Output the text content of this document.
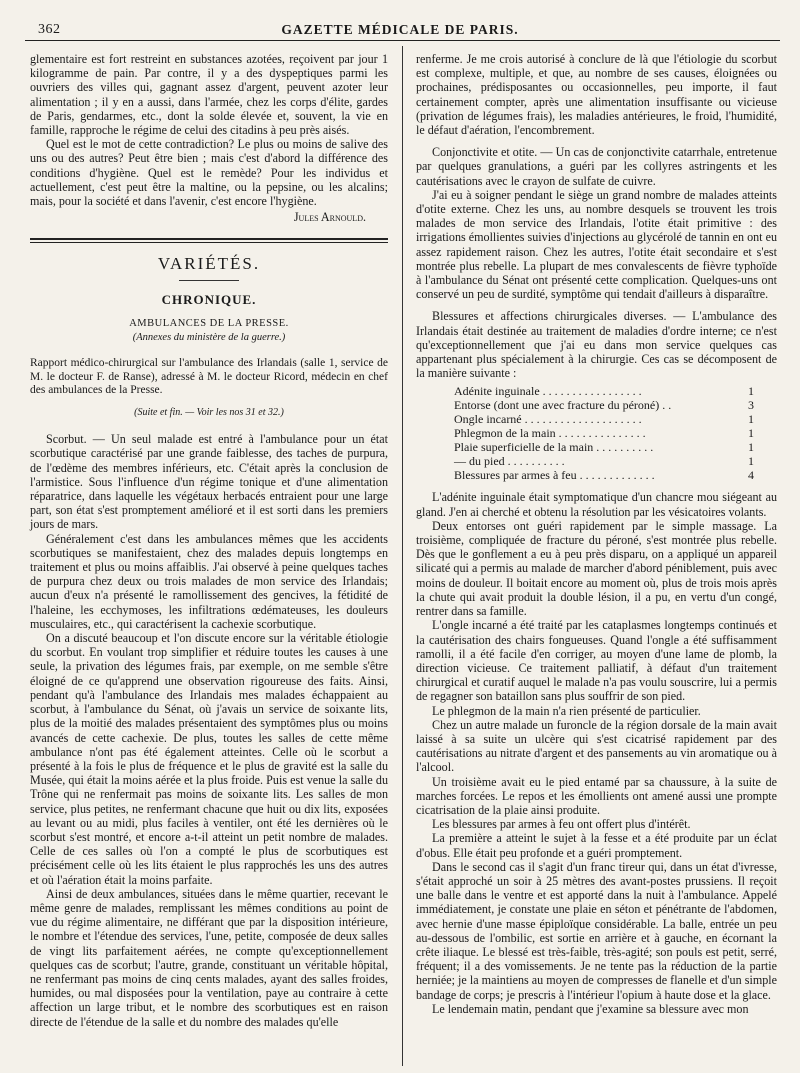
362	GAZETTE MÉDICALE DE PARIS.

glementaire est fort restreint en substances azotées, reçoivent par jour 1 kilogramme de pain. Par contre, il y a des dyspeptiques parmi les ouvriers des villes qui, gagnant assez d'argent, peuvent azoter leur alimentation ; il y en a aussi, dans l'armée, chez les corps d'élite, gardes de Paris, gendarmes, etc., dont la solde élevée et, souvent, la vie en famille, rapproche le régime de celui des citadins à peu près aisés.

Quel est le mot de cette contradiction? Le plus ou moins de salive des uns ou des autres? Peut être bien ; mais c'est d'abord la différence des conditions d'hygiène. Quel est le remède? Pour les individus et actuellement, c'est peut être la maltine, ou la pepsine, ou les alcalins; mais, pour la société et dans l'avenir, c'est encore l'hygiène.

Jules Arnould.
VARIÉTÉS.
CHRONIQUE.
AMBULANCES DE LA PRESSE.
(Annexes du ministère de la guerre.)

Rapport médico-chirurgical sur l'ambulance des Irlandais (salle 1, service de M. le docteur F. de Ranse), adressé à M. le docteur Ricord, médecin en chef des ambulances de la Presse.

(Suite et fin. — Voir les nos 31 et 32.)

Scorbut. — Un seul malade est entré à l'ambulance pour un état scorbutique caractérisé par une grande faiblesse, des taches de purpura, de l'œdème des membres inférieurs, etc. C'était après la conclusion de l'armistice. Sous l'influence d'un régime tonique et d'une alimentation réparatrice, dans laquelle les végétaux herbacés entraient pour une large part, son état s'est promptement amélioré et il est sorti dans les premiers jours de mars.

Généralement c'est dans les ambulances mêmes que les accidents scorbutiques se manifestaient, chez des malades depuis longtemps en traitement et plus ou moins affaiblis. J'ai observé à peine quelques taches de purpura chez deux ou trois malades de mon service des Irlandais; aucun d'eux n'a présenté le ramollissement des gencives, la fétidité de l'haleine, les ecchymoses, les infiltrations œdémateuses, les douleurs musculaires, etc., qui caractérisent la cachexie scorbutique.

On a discuté beaucoup et l'on discute encore sur la véritable étiologie du scorbut. En voulant trop simplifier et réduire toutes les causes à une seule, la privation des légumes frais, par exemple, on me semble s'être éloigné de ce qu'apprend une observation rigoureuse des faits. Ainsi, pendant qu'à l'ambulance des Irlandais mes malades échappaient au scorbut, à l'ambulance du Sénat, où j'avais un service de soixante lits, plus de la moitié des malades présentaient des symptômes plus ou moins avancés de cette cachexie. De plus, toutes les salles de cette même ambulance n'ont pas été également atteintes. Celle où le scorbut a présenté à la fois le plus de fréquence et le plus de gravité est la salle du Musée, qui était la moins aérée et la plus froide. Puis est venue la salle du Trône qui ne renfermait pas moins de soixante lits. Les salles de mon service, plus petites, ne renfermant chacune que huit ou dix lits, exposées au levant ou au midi, plus faciles à ventiler, ont été les dernières où le scorbut s'est montré, et encore a-t-il atteint un petit nombre de malades. Celle de ces salles où l'on a compté le plus de scorbutiques est précisément celle où les lits étaient le plus rapprochés les uns des autres et où l'aération était la moins parfaite.

Ainsi de deux ambulances, situées dans le même quartier, recevant le même genre de malades, remplissant les mêmes conditions au point de vue du régime alimentaire, ne différant que par la disposition intérieure, le nombre et l'étendue des services, l'une, petite, composée de deux salles de vingt lits parfaitement aérées, ne compte qu'exceptionnellement quelques cas de scorbut; l'autre, grande, constituant un véritable hôpital, ne renfermant pas moins de cinq cents malades, ayant des salles froides, humides, ou mal disposées pour la ventilation, paye au contraire à cette affection un large tribut, et le nombre des scorbutiques est en raison directe de l'étendue de la salle et du nombre des malades qu'elle

renferme. Je me crois autorisé à conclure de là que l'étiologie du scorbut est complexe, multiple, et que, au nombre de ses causes, éloignées ou prochaines, prédisposantes ou occasionnelles, peu importe, il faut certainement compter, après une alimentation insuffisante ou vicieuse (privation de légumes frais), les maladies antérieures, le froid, l'humidité, le défaut d'aération, l'encombrement.

Conjonctivite et otite. — Un cas de conjonctivite catarrhale, entretenue par quelques granulations, a guéri par les collyres astringents et les cautérisations avec le crayon de sulfate de cuivre.

J'ai eu à soigner pendant le siège un grand nombre de malades atteints d'otite externe. Chez les uns, au nombre desquels se trouvent les trois malades de mon service des Irlandais, l'otite était primitive : des irrigations émollientes suivies d'injections au glycérolé de tannin en ont eu assez rapidement raison. Chez les autres, l'otite était secondaire et s'est montrée plus rebelle. La plupart de mes convalescents de fièvre typhoïde à l'ambulance du Sénat ont présenté cette complication. Quelques-uns ont conservé un peu de surdité, symptôme qui tendait d'ailleurs à disparaître.

Blessures et affections chirurgicales diverses. — L'ambulance des Irlandais était destinée au traitement de maladies d'ordre interne; ce n'est qu'exceptionnellement que j'ai eu dans mon service quelques cas appartenant plus spécialement à la chirurgie. Ces cas se décomposent de la manière suivante :

Adénite inguinale . . . . . . . . . . . . . . . . .	1
Entorse (dont une avec fracture du péroné) . .	3
Ongle incarné . . . . . . . . . . . . . . . . . . . .	1
Phlegmon de la main . . . . . . . . . . . . . . .	1
Plaie superficielle de la main . . . . . . . . . .	1
— du pied . . . . . . . . . .	1
Blessures par armes à feu . . . . . . . . . . . . .	4

L'adénite inguinale était symptomatique d'un chancre mou siégeant au gland. J'en ai cherché et obtenu la résolution par les vésicatoires volants.

Deux entorses ont guéri rapidement par le simple massage. La troisième, compliquée de fracture du péroné, s'est montrée plus rebelle. Dès que le gonflement a eu à peu près disparu, on a appliqué un appareil silicaté qui a permis au malade de marcher d'abord péniblement, puis avec moins de douleur. Il boitait encore au moment où, plus de trois mois après la chute qui avait produit la double lésion, il a pu, en vertu d'un congé, rentrer dans sa famille.

L'ongle incarné a été traité par les cataplasmes longtemps continués et la cautérisation des chairs fongueuses. Quand l'ongle a été suffisamment ramolli, il a été facile d'en corriger, au moyen d'une lame de plomb, la direction vicieuse. Ce traitement palliatif, à défaut d'un traitement chirurgical et curatif auquel le malade n'a pas voulu souscrire, lui a permis de regagner son bataillon sans plus souffrir de son pied.

Le phlegmon de la main n'a rien présenté de particulier.

Chez un autre malade un furoncle de la région dorsale de la main avait laissé à sa suite un ulcère qui s'est cicatrisé rapidement par des cautérisations au nitrate d'argent et des pansements au vin aromatique ou à l'alcool.

Un troisième avait eu le pied entamé par sa chaussure, à la suite de marches forcées. Le repos et les émollients ont amené aussi une prompte cicatrisation de la plaie ainsi produite.

Les blessures par armes à feu ont offert plus d'intérêt.

La première a atteint le sujet à la fesse et a été produite par un éclat d'obus. Elle était peu profonde et a guéri promptement.

Dans le second cas il s'agit d'un franc tireur qui, dans un état d'ivresse, s'était approché un soir à 25 mètres des avant-postes prussiens. Il reçoit une balle dans le ventre et est apporté dans la nuit à l'ambulance. Appelé immédiatement, je constate une plaie en séton et pénétrante de l'abdomen, avec hernie d'une masse épiploïque considérable. La balle, entrée un peu au-dessous de l'ombilic, est sortie en arrière et à gauche, en écornant la crête iliaque. Le blessé est très-faible, très-agité; son pouls est petit, serré, fréquent; il a des vomissements. Je ne tente pas la réduction de la partie herniée; je la maintiens au moyen de compresses de flanelle et d'un simple bandage de corps; je prescris à l'intérieur l'opium à haute dose et la glace.

Le lendemain matin, pendant que j'examine sa blessure avec mon
